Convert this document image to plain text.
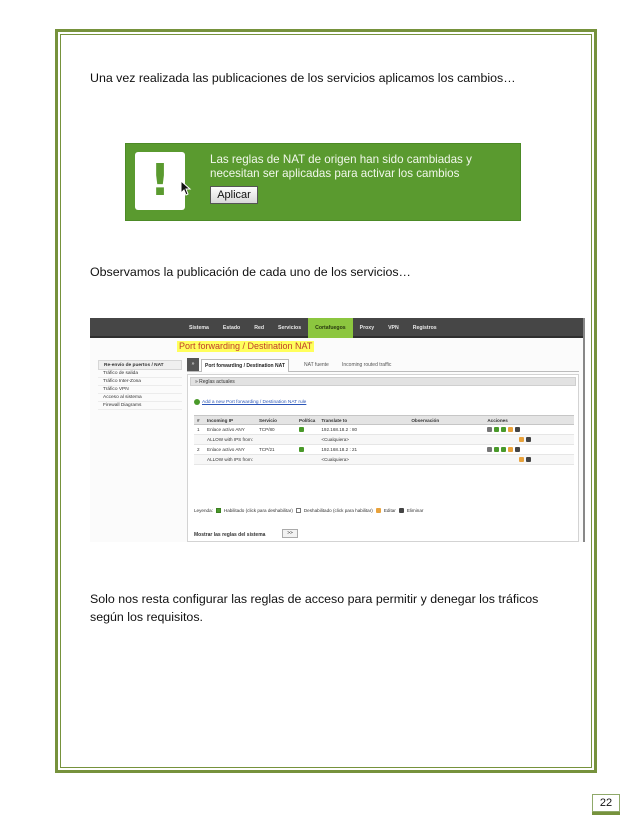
Una vez realizada las publicaciones de los servicios aplicamos los cambios…

!	Las reglas de NAT de origen han sido cambiadas y necesitan ser aplicadas para activar los cambios
Aplicar

Observamos la publicación de cada uno de los servicios…

Sistema	Estado	Red	Servicios	Cortafuegos	Proxy	VPN	Registros
Port forwarding / Destination NAT
Re-envío de puertos / NAT
Tráfico de salida
Tráfico Inter-Zona
Tráfico VPN
Acceso al sistema
Firewall Diagrams
»	Port forwarding / Destination NAT	NAT fuente	Incoming routed traffic
» Reglas actuales
Add a new Port forwarding / Destination NAT rule
#	Incoming IP	Servicio	Política	Translate to	Observación	Acciones
1	Enlace activo ANY	TCP/80		192.168.18.2 : 80		

	ALLOW with IPS from:			<Cualquiera>		

2	Enlace activo ANY	TCP/21		192.168.18.2 : 21		

	ALLOW with IPS from:			<Cualquiera>		
Leyenda: Habilitado (click para deshabilitar) Deshabilitado (click para habilitar) Editar Eliminar
Mostrar las reglas del sistema	>>

Solo nos resta configurar las reglas de acceso para permitir y denegar los tráficos según los requisitos.

22
